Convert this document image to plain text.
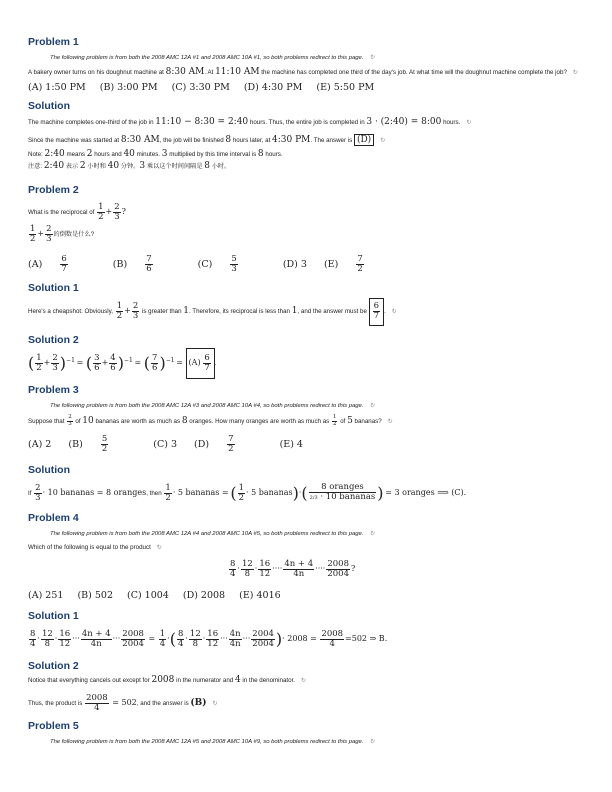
Problem 1
The following problem is from both the 2008 AMC 12A #1 and 2008 AMC 10A #1, so both problems redirect to this page. ↻
A bakery owner turns on his doughnut machine at 8:30 AM. At 11:10 AM the machine has completed one third of the day's job. At what time will the doughnut machine complete the job? ↻
(A) 1:50 PM (B) 3:00 PM (C) 3:30 PM (D) 4:30 PM (E) 5:50 PM
Solution
The machine completes one-third of the job in 11:10 − 8:30 = 2:40 hours. Thus, the entire job is completed in 3 · (2:40) = 8:00 hours. ↻
Since the machine was started at 8:30 AM, the job will be finished 8 hours later, at 4:30 PM. The answer is (D) ↻
Note: 2:40 means 2 hours and 40 minutes. 3 multiplied by this time interval is 8 hours.
注意: 2:40 表示 2 小时和 40 分钟。3 乘以这个时间间隔是 8 小时。
Problem 2
What is the reciprocal of $\frac{1}{2} + \frac{2}{3}$ ?
$\frac{1}{2} + \frac{2}{3}$ 的倒数是什么?
$(A) \frac{6}{7}$	$(B) \frac{7}{6}$	$(C) \frac{5}{3}$	(D) 3 $(E) \frac{7}{2}$
Solution 1
Here's a cheapshot: Obviously, $\frac{1}{2} + \frac{2}{3}$ is greater than 1. Therefore, its reciprocal is less than 1, and the answer must be $\frac{6}{7}$ . ↻
Solution 2
( $\frac{1}{2} + \frac{2}{3} )^{-1}$ = ( $\frac{3}{6} + \frac{4}{6} )^{-1}$ = ( $\frac{7}{6} )^{-1} = (A) \frac{6}{7}$ .
Problem 3
The following problem is from both the 2008 AMC 12A #3 and 2008 AMC 10A #4, so both problems redirect to this page. ↻
Suppose that $\frac{2}{3}$ of 10 bananas are worth as much as 8 oranges. How many oranges are worth as much as $\frac{1}{2}$ of 5 bananas? ↻
(A) 2 $(B) \frac{5}{2}$	(C) 3 $(D) \frac{7}{2}$	(E) 4
Solution
If $\frac{2}{3} \cdot 10$ bananas = 8 oranges, then $\frac{1}{2} \cdot 5$ bananas = ( $\frac{1}{2} \cdot 5$ bananas)·( $\frac{\text{8 oranges}}{\text{2/3 · 10 bananas}}$ ) = 3 oranges ⟹ (C).
Problem 4
The following problem is from both the 2008 AMC 12A #4 and 2008 AMC 10A #5, so both problems redirect to this page. ↻
Which of the following is equal to the product ↻
$\frac{8}{4} \cdot \frac{12}{8} \cdot \frac{16}{12}$ ···· $\frac{4n + 4}{4n}$ ···· $\frac{2008}{2004}$ ?
(A) 251 (B) 502 (C) 1004 (D) 2008 (E) 4016
Solution 1
$\frac{8}{4} \cdot \frac{12}{8} \cdot \frac{16}{12}$ ··· $\frac{4n + 4}{4n}$ ··· $\frac{2008}{2004} = \frac{1}{4}$ ·( $\frac{8}{4} \cdot \frac{12}{8} \cdot \frac{16}{12}$ ··· $\frac{4n}{4n}$ ··· $\frac{2004}{2004}$ )· $2008 = \frac{2008}{4} =502$ ⇒ B.
Solution 2
Notice that everything cancels out except for 2008 in the numerator and 4 in the denominator. ↻
Thus, the product is $\frac{2008}{4} = 502$, and the answer is (B) ↻
Problem 5
The following problem is from both the 2008 AMC 12A #5 and 2008 AMC 10A #9, so both problems redirect to this page. ↻
